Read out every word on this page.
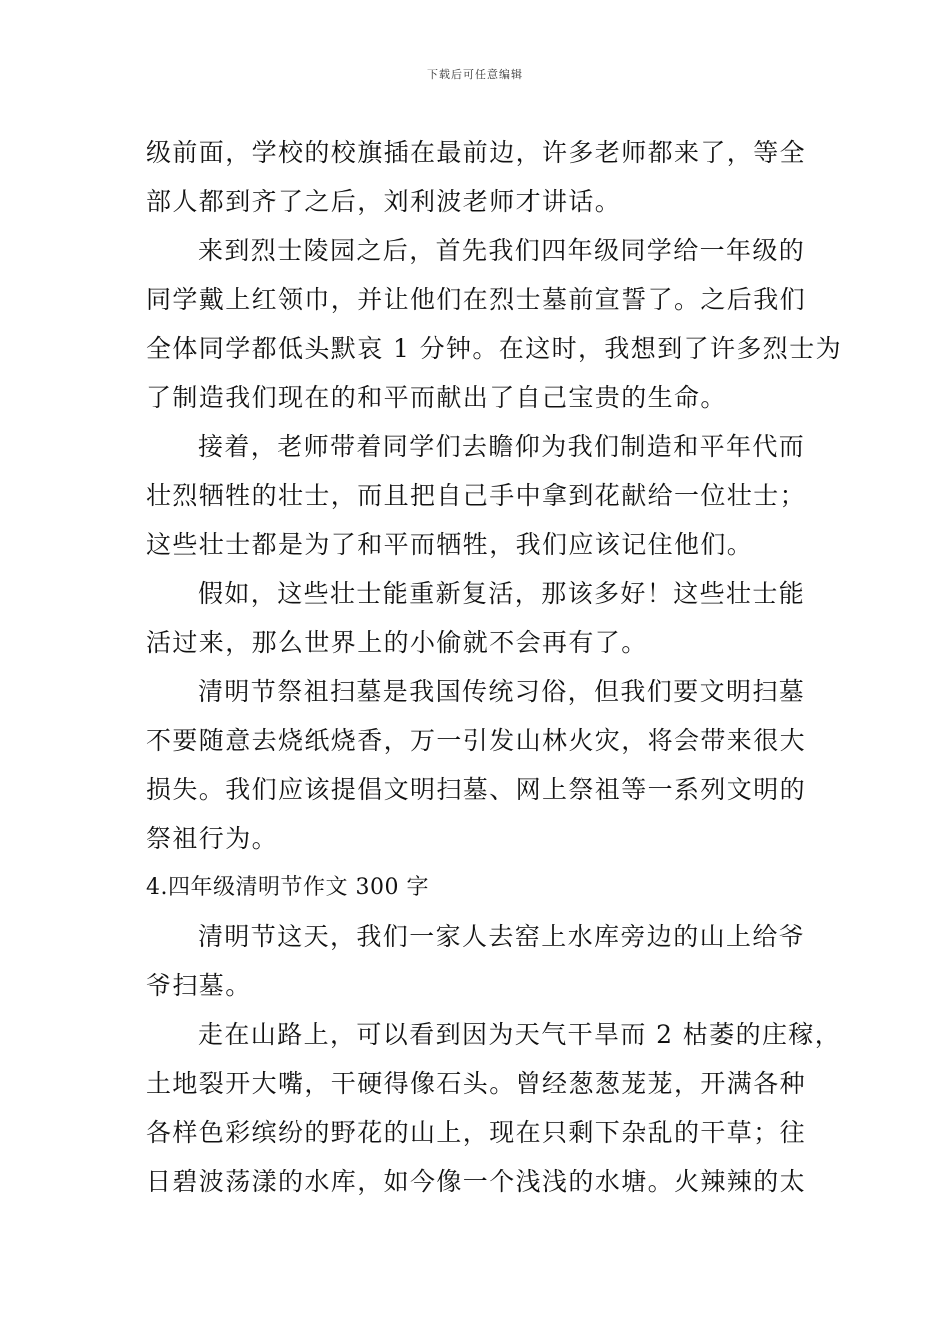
下载后可任意编辑
级前面，学校的校旗插在最前边，许多老师都来了，等全
部人都到齐了之后，刘利波老师才讲话。
来到烈士陵园之后，首先我们四年级同学给一年级的
同学戴上红领巾，并让他们在烈士墓前宣誓了。之后我们
全体同学都低头默哀 1 分钟。在这时，我想到了许多烈士为
了制造我们现在的和平而献出了自己宝贵的生命。
接着，老师带着同学们去瞻仰为我们制造和平年代而
壮烈牺牲的壮士，而且把自己手中拿到花献给一位壮士；
这些壮士都是为了和平而牺牲，我们应该记住他们。
假如，这些壮士能重新复活，那该多好！这些壮士能
活过来，那么世界上的小偷就不会再有了。
清明节祭祖扫墓是我国传统习俗，但我们要文明扫墓
不要随意去烧纸烧香，万一引发山林火灾，将会带来很大
损失。我们应该提倡文明扫墓、网上祭祖等一系列文明的
祭祖行为。
4.四年级清明节作文 300 字
清明节这天，我们一家人去窑上水库旁边的山上给爷
爷扫墓。
走在山路上，可以看到因为天气干旱而 2 枯萎的庄稼，
土地裂开大嘴，干硬得像石头。曾经葱葱茏茏，开满各种
各样色彩缤纷的野花的山上，现在只剩下杂乱的干草；往
日碧波荡漾的水库，如今像一个浅浅的水塘。火辣辣的太
